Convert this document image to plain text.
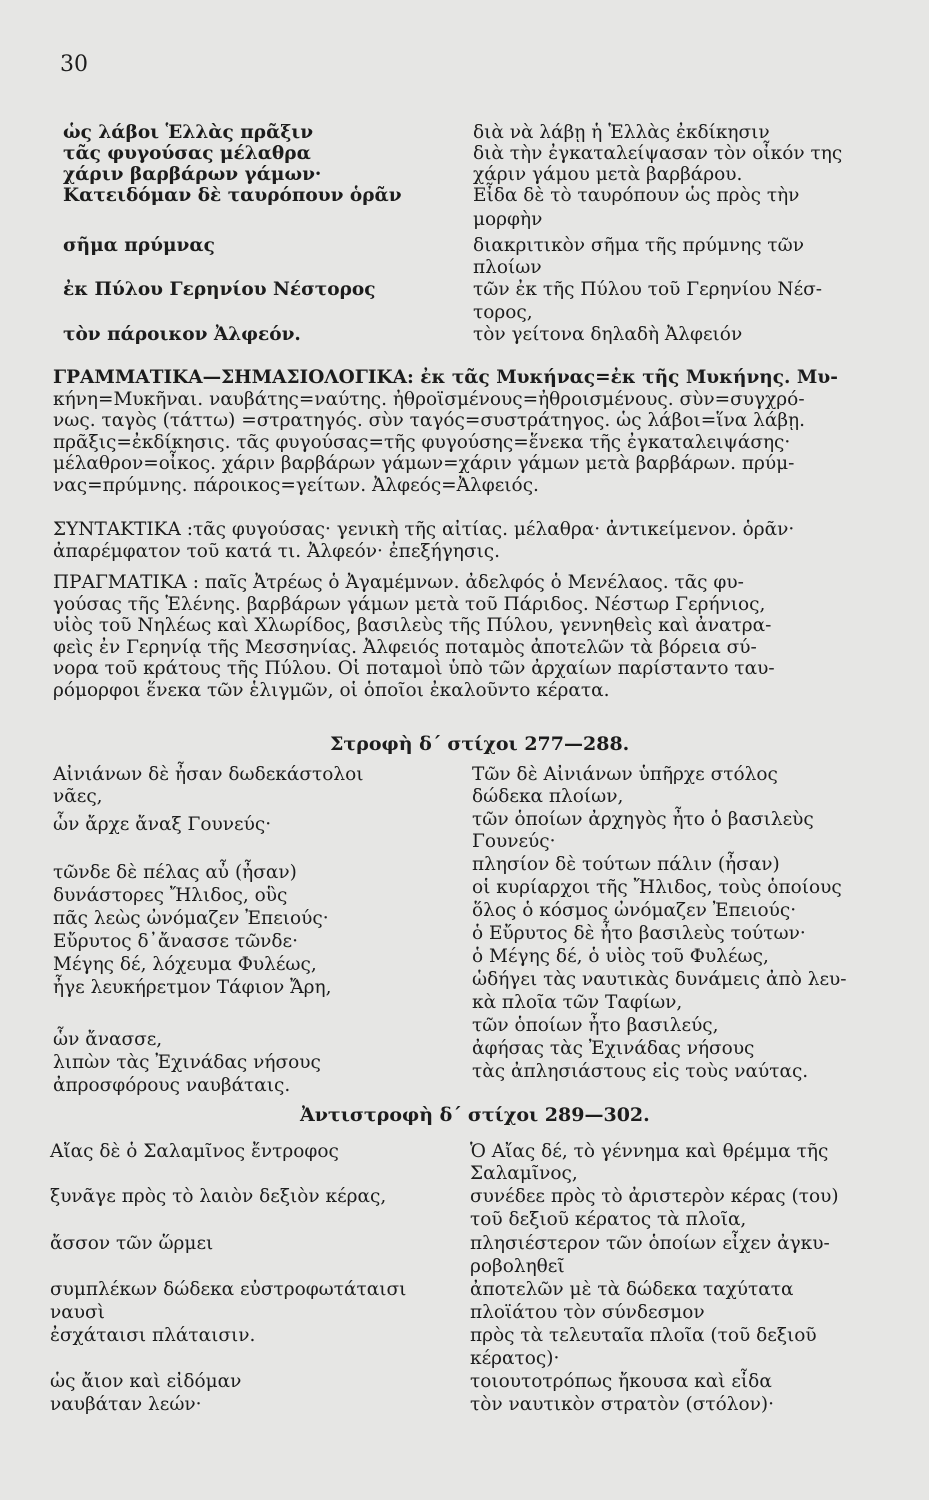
30
ὡς λάβοι Ἑλλὰς πρᾶξιν
τᾶς φυγούσας μέλαθρα
χάριν βαρβάρων γάμων·
Κατειδόμαν δὲ ταυρόπουν ὁρᾶν
σῆμα πρύμνας
ἐκ Πύλου Γερηνίου Νέστορος
τὸν πάροικον Ἀλφεόν.
διὰ νὰ λάβῃ ἡ Ἑλλὰς ἐκδίκησιν
διὰ τὴν ἐγκαταλείψασαν τὸν οἶκόν της
χάριν γάμου μετὰ βαρβάρου.
Εἶδα δὲ τὸ ταυρόπουν ὡς πρὸς τὴν
μορφὴν
διακριτικὸν σῆμα τῆς πρύμνης τῶν
πλοίων
τῶν ἐκ τῆς Πύλου τοῦ Γερηνίου Νέσ-
τορος,
τὸν γείτονα δηλαδὴ Ἀλφειόν
ΓΡΑΜΜΑΤΙΚΑ—ΣΗΜΑΣΙΟΛΟΓΙΚΑ: ἐκ τᾶς Μυκήνας=ἐκ τῆς Μυκήνης. Μυ-
κήνη=Μυκῆναι. ναυβάτης=ναύτης. ἠθροϊσμένους=ἠθροισμένους. σὺν=συγχρό-
νως. ταγὸς (τάττω) =στρατηγός. σὺν ταγός=συστράτηγος. ὡς λάβοι=ἵνα λάβῃ.
πρᾶξις=ἐκδίκησις. τᾶς φυγούσας=τῆς φυγούσης=ἕνεκα τῆς ἐγκαταλειψάσης·
μέλαθρον=οἶκος. χάριν βαρβάρων γάμων=χάριν γάμων μετὰ βαρβάρων. πρύμ-
νας=πρύμνης. πάροικος=γείτων. Ἀλφεός=Ἀλφειός.
ΣΥΝΤΑΚΤΙΚΑ :τᾶς φυγούσας· γενικὴ τῆς αἰτίας. μέλαθρα· ἀντικείμενον. ὁρᾶν·
ἀπαρέμφατον τοῦ κατά τι. Ἀλφεόν· ἐπεξήγησις.
ΠΡΑΓΜΑΤΙΚΑ : παῖς Ἀτρέως ὁ Ἀγαμέμνων. ἀδελφός ὁ Μενέλαος. τᾶς φυ-
γούσας τῆς Ἑλένης. βαρβάρων γάμων μετὰ τοῦ Πάριδος. Νέστωρ Γερήνιος,
υἱὸς τοῦ Νηλέως καὶ Χλωρίδος, βασιλεὺς τῆς Πύλου, γεννηθεὶς καὶ ἀνατρα-
φεὶς ἐν Γερηνίᾳ τῆς Μεσσηνίας. Ἀλφειός ποταμὸς ἀποτελῶν τὰ βόρεια σύ-
νορα τοῦ κράτους τῆς Πύλου. Οἱ ποταμοὶ ὑπὸ τῶν ἀρχαίων παρίσταντο ταυ-
ρόμορφοι ἕνεκα τῶν ἑλιγμῶν, οἱ ὁποῖοι ἐκαλοῦντο κέρατα.
Στροφὴ δ΄ στίχοι 277—288.
Αἰνιάνων δὲ ἦσαν δωδεκάστολοι
νᾶες,
ὧν ἄρχε ἄναξ Γουνεύς·
τῶνδε δὲ πέλας αὖ (ἦσαν)
δυνάστορες Ἤλιδος, οὓς
πᾶς λεὼς ὠνόμαζεν Ἐπειούς·
Εὔρυτος δ᾿ἄνασσε τῶνδε·
Μέγης δέ, λόχευμα Φυλέως,
ἦγε λευκήρετμον Τάφιον Ἄρη,
ὧν ἄνασσε,
λιπὼν τὰς Ἐχινάδας νήσους
ἀπροσφόρους ναυβάταις.
Τῶν δὲ Αἰνιάνων ὑπῆρχε στόλος
δώδεκα πλοίων,
τῶν ὁποίων ἀρχηγὸς ἦτο ὁ βασιλεὺς
Γουνεύς·
πλησίον δὲ τούτων πάλιν (ἦσαν)
οἱ κυρίαρχοι τῆς Ἤλιδος, τοὺς ὁποίους
ὅλος ὁ κόσμος ὠνόμαζεν Ἐπειούς·
ὁ Εὔρυτος δὲ ἦτο βασιλεὺς τούτων·
ὁ Μέγης δέ, ὁ υἱὸς τοῦ Φυλέως,
ὡδήγει τὰς ναυτικὰς δυνάμεις ἀπὸ λευ-
κὰ πλοῖα τῶν Ταφίων,
τῶν ὁποίων ἦτο βασιλεύς,
ἀφήσας τὰς Ἐχινάδας νήσους
τὰς ἀπλησιάστους εἰς τοὺς ναύτας.
Ἀντιστροφὴ δ΄ στίχοι 289—302.
Αἴας δὲ ὁ Σαλαμῖνος ἔντροφος
ξυνᾶγε πρὸς τὸ λαιὸν δεξιὸν κέρας,
ἄσσον τῶν ὥρμει
συμπλέκων δώδεκα εὐστροφωτάταισι
ναυσὶ
ἐσχάταισι πλάταισιν.
ὡς ἄιον καὶ εἰδόμαν
ναυβάταν λεών·
Ὁ Αἴας δέ, τὸ γέννημα καὶ θρέμμα τῆς
Σαλαμῖνος,
συνέδεε πρὸς τὸ ἀριστερὸν κέρας (του)
τοῦ δεξιοῦ κέρατος τὰ πλοῖα,
πλησιέστερον τῶν ὁποίων εἶχεν ἀγκυ-
ροβοληθεῖ
ἀποτελῶν μὲ τὰ δώδεκα ταχύτατα
πλοϊάτου τὸν σύνδεσμον
πρὸς τὰ τελευταῖα πλοῖα (τοῦ δεξιοῦ
κέρατος)·
τοιουτοτρόπως ἤκουσα καὶ εἶδα
τὸν ναυτικὸν στρατὸν (στόλον)·
